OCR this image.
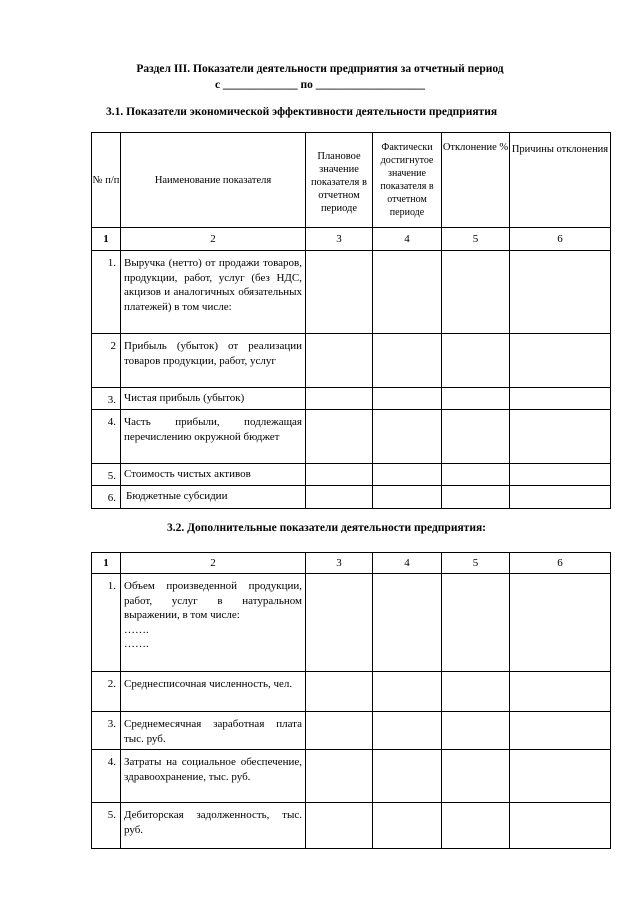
Раздел III. Показатели деятельности предприятия за отчетный период
с _____________ по ___________________
3.1. Показатели экономической эффективности деятельности предприятия
№ п/п	Наименование показателя	Плановое значение показателя в отчетном периоде	Фактически достигнутое значение показателя в отчетном периоде	Отклонение %	Причины отклонения
1	2	3	4	5	6
1.	Выручка (нетто) от продажи товаров, продукции, работ, услуг (без НДС, акцизов и аналогичных обязательных платежей) в том числе:				
2	Прибыль (убыток) от реализации товаров продукции, работ, услуг				
3.	Чистая прибыль (убыток)				
4.	Часть прибыли, подлежащая перечислению окружной бюджет				
5.	Стоимость чистых активов				
6.	Бюджетные субсидии				
3.2. Дополнительные показатели деятельности предприятия:
1	2	3	4	5	6
1.	Объем произведенной продукции, работ, услуг в натуральном выражении, в том числе:
…….
…….				

2.	Среднесписочная численность, чел.				
3.	Среднемесячная заработная плата тыс. руб.				
4.	Затраты на социальное обеспечение, здравоохранение, тыс. руб.				
5.	Дебиторская задолженность, тыс. руб.				
